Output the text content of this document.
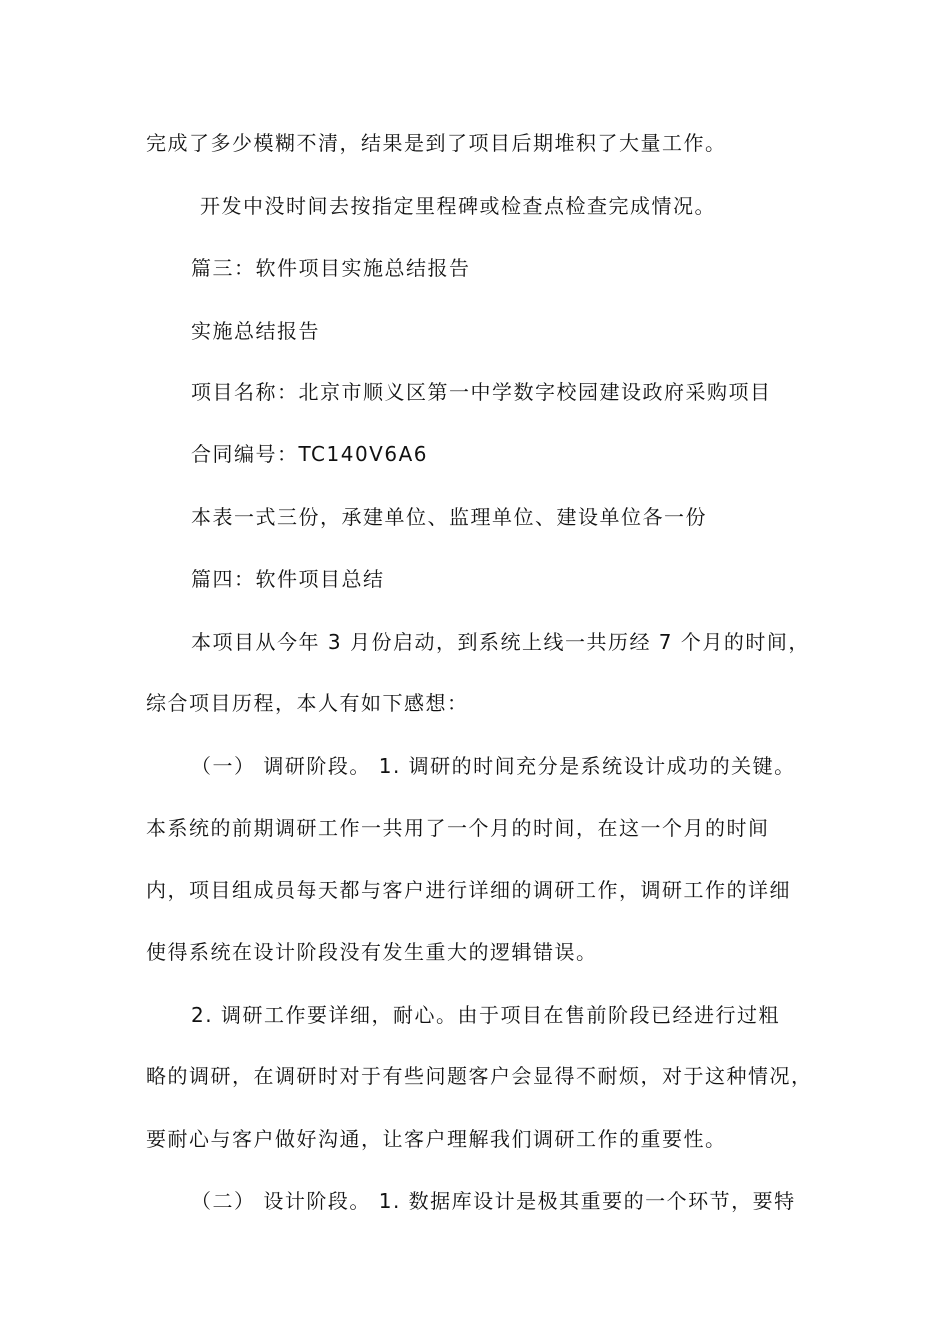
完成了多少模糊不清，结果是到了项目后期堆积了大量工作。

开发中没时间去按指定里程碑或检查点检查完成情况。

篇三：软件项目实施总结报告

实施总结报告

项目名称：北京市顺义区第一中学数字校园建设政府采购项目

合同编号：TC140V6A6

本表一式三份，承建单位、监理单位、建设单位各一份

篇四：软件项目总结

本项目从今年 3 月份启动，到系统上线一共历经 7 个月的时间，

综合项目历程，本人有如下感想：

（一） 调研阶段。 1. 调研的时间充分是系统设计成功的关键。

本系统的前期调研工作一共用了一个月的时间，在这一个月的时间

内，项目组成员每天都与客户进行详细的调研工作，调研工作的详细

使得系统在设计阶段没有发生重大的逻辑错误。

2. 调研工作要详细，耐心。由于项目在售前阶段已经进行过粗

略的调研，在调研时对于有些问题客户会显得不耐烦，对于这种情况，

要耐心与客户做好沟通，让客户理解我们调研工作的重要性。

（二） 设计阶段。 1. 数据库设计是极其重要的一个环节，要特
